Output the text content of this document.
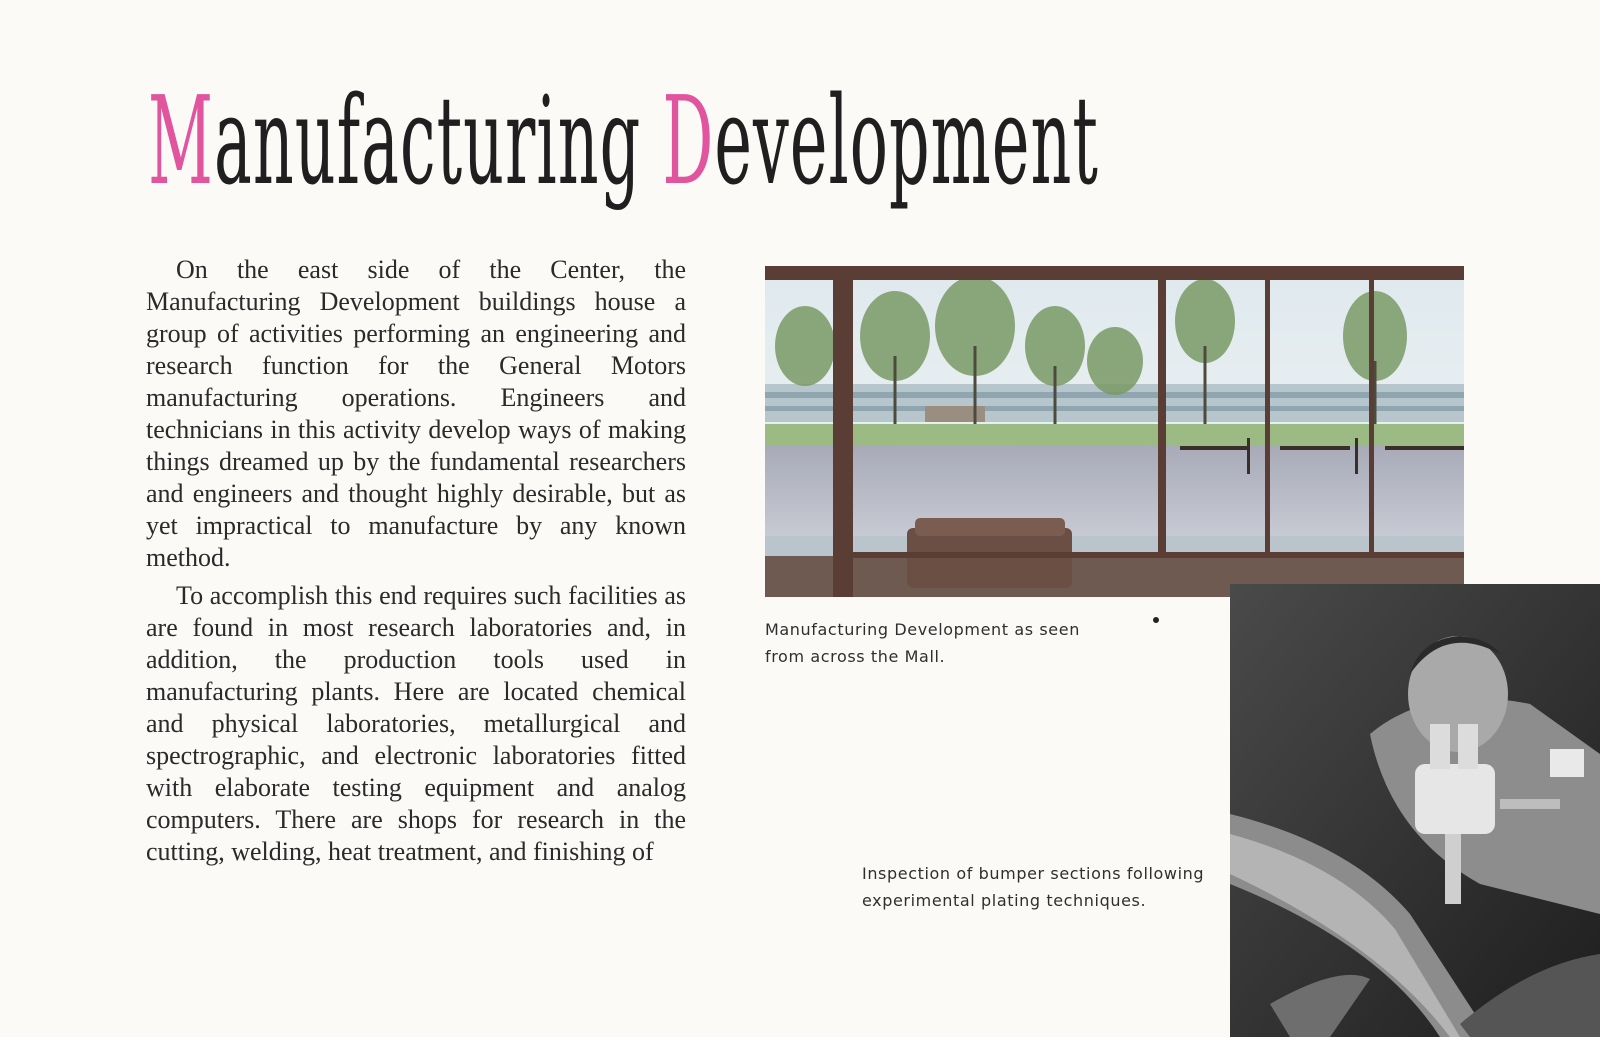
Manufacturing Development

On the east side of the Center, the Manufacturing Development buildings house a group of activities performing an engineering and research function for the General Motors manufacturing operations. Engineers and technicians in this activity develop ways of making things dreamed up by the fundamental researchers and engineers and thought highly desirable, but as yet impractical to manufacture by any known method.

To accomplish this end requires such facilities as are found in most research laboratories and, in addition, the production tools used in manufacturing plants. Here are located chemical and physical laboratories, metallurgical and spectrographic, and electronic laboratories fitted with elaborate testing equipment and analog computers. There are shops for research in the cutting, welding, heat treatment, and finishing of

Manufacturing Development as seen from across the Mall.
Inspection of bumper sections following experimental plating techniques.
